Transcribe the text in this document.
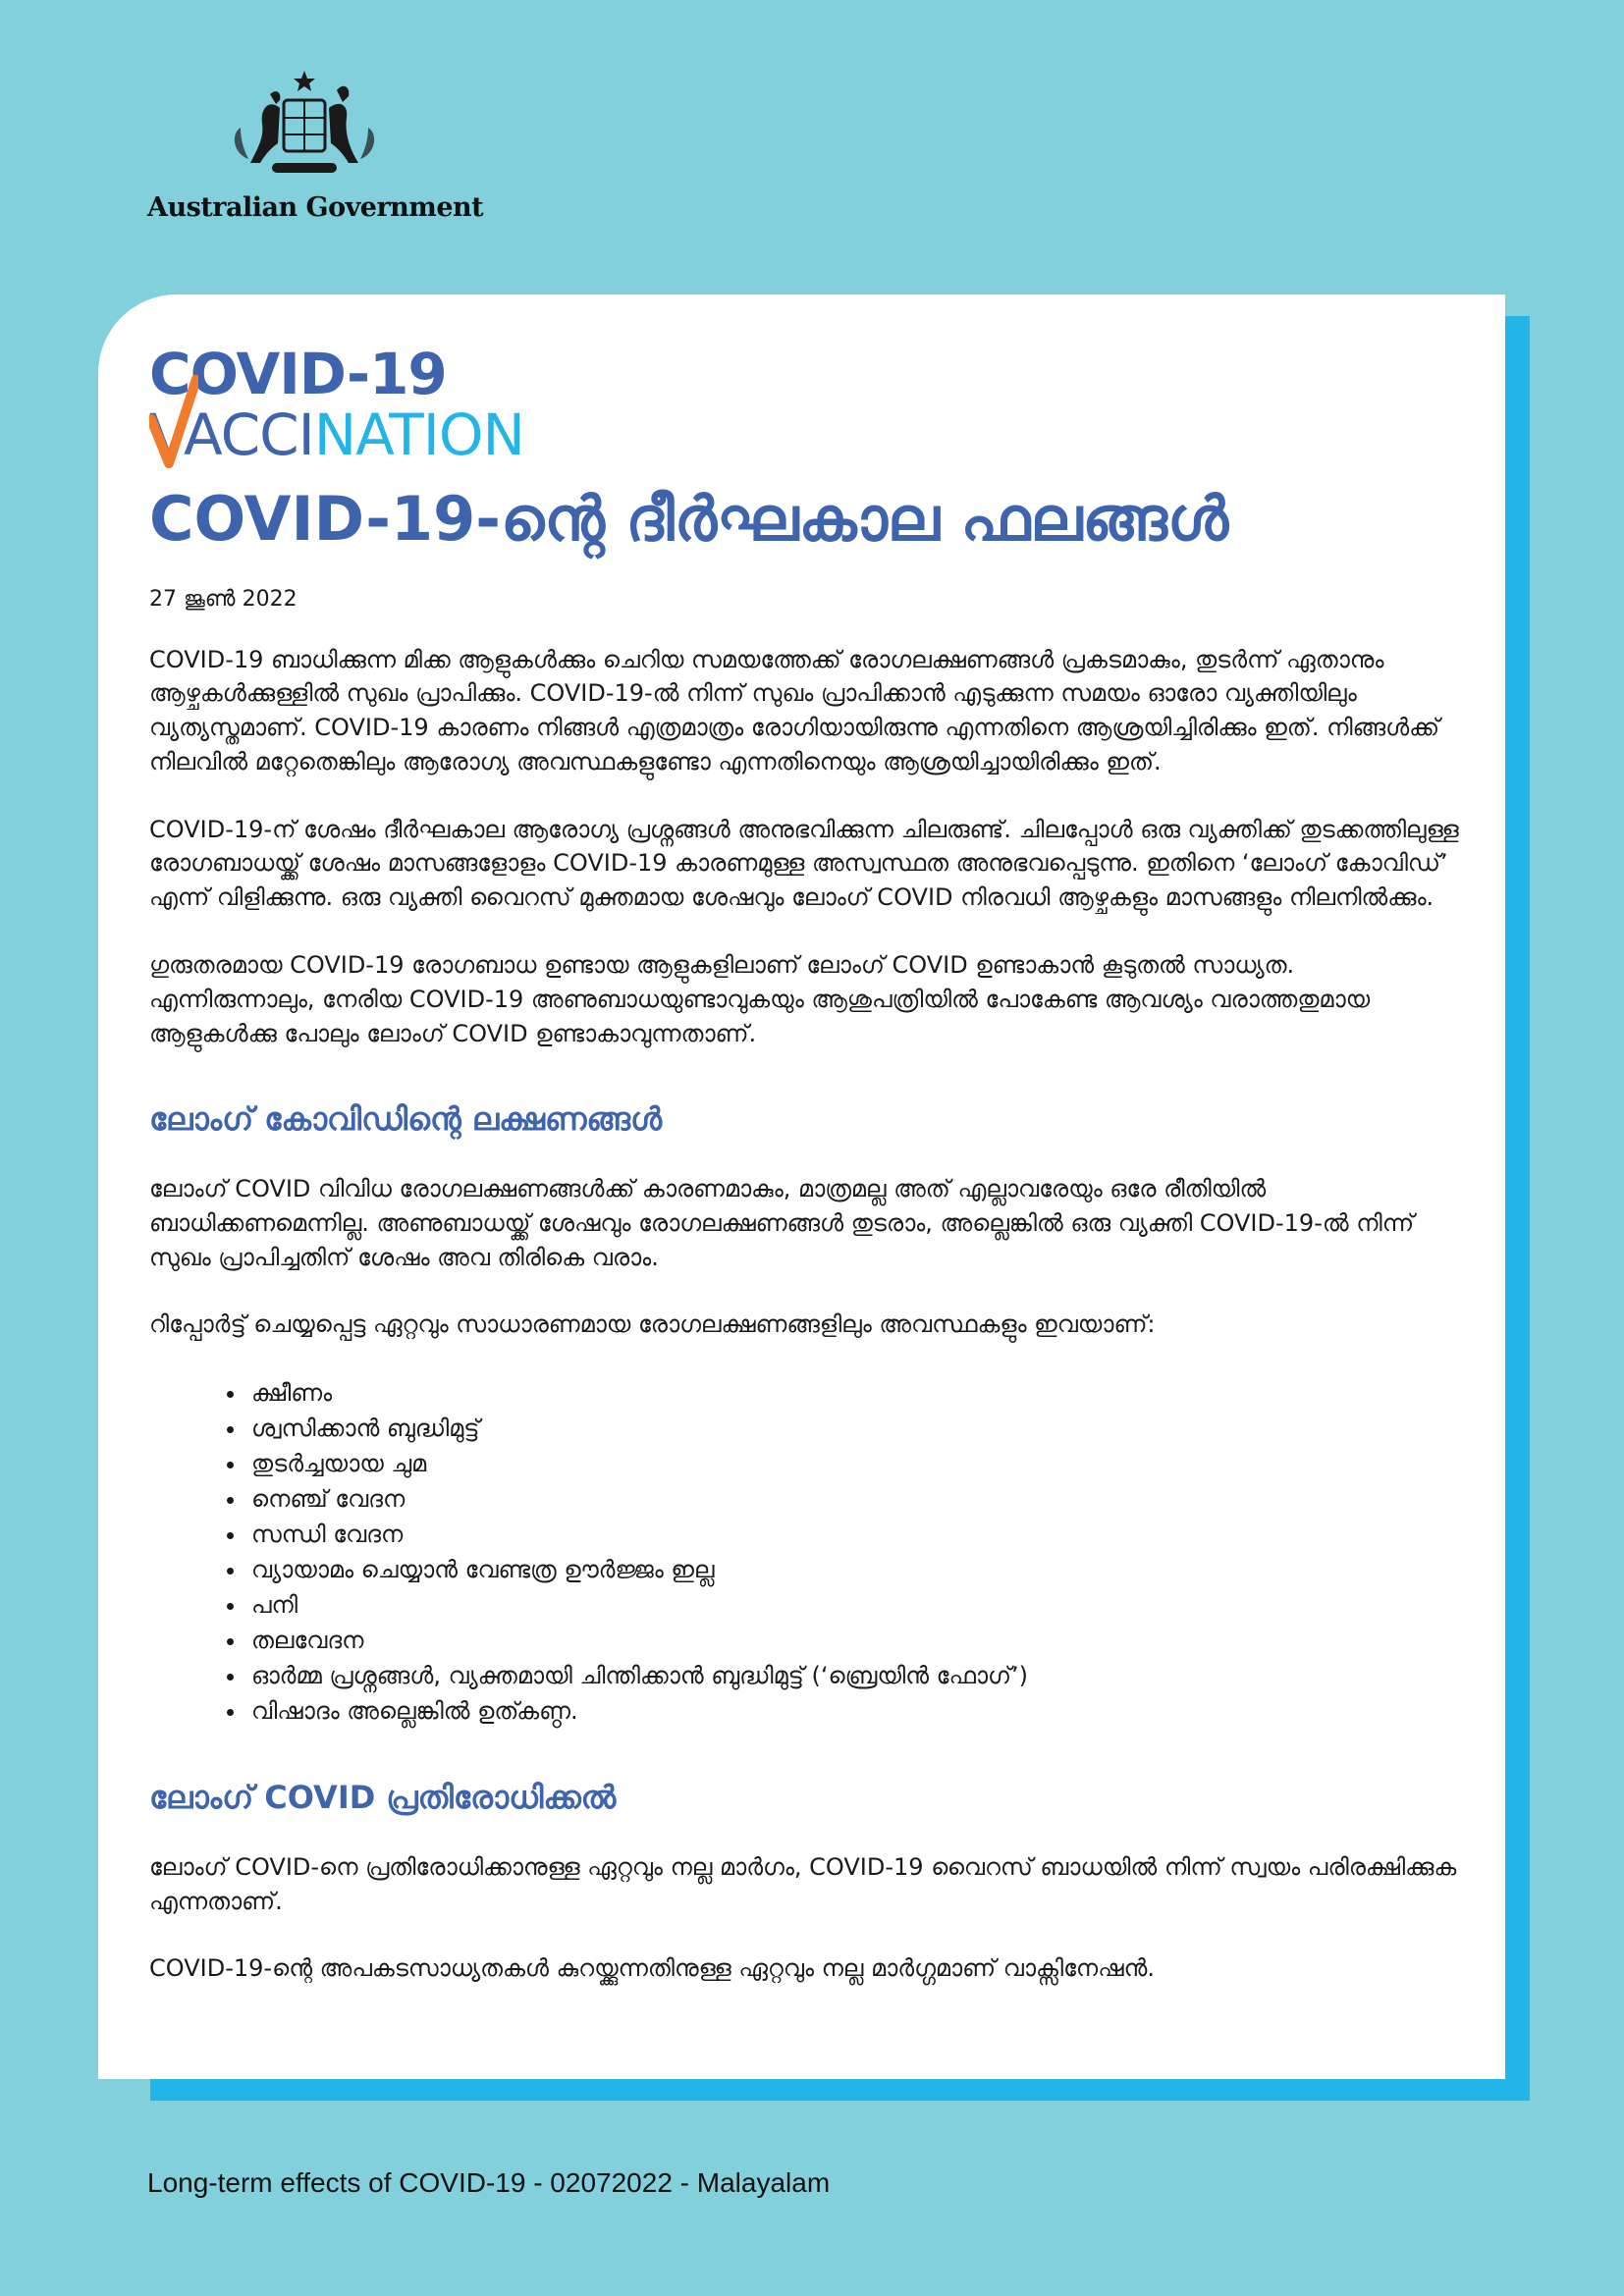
Australian Government
COVID-19
VACCINATION
COVID-19-ന്റെ ദീർഘകാല ഫലങ്ങൾ
27 ജൂൺ 2022

COVID-19 ബാധിക്കുന്ന മിക്ക ആളുകൾക്കും ചെറിയ സമയത്തേക്ക് രോഗലക്ഷണങ്ങൾ പ്രകടമാകും, തുടർന്ന് ഏതാനും ആഴ്ചകൾക്കുള്ളിൽ സുഖം പ്രാപിക്കും. COVID-19-ൽ നിന്ന് സുഖം പ്രാപിക്കാൻ എടുക്കുന്ന സമയം ഓരോ വ്യക്തിയിലും വ്യത്യസ്തമാണ്. COVID-19 കാരണം നിങ്ങൾ എത്രമാത്രം രോഗിയായിരുന്നു എന്നതിനെ ആശ്രയിച്ചിരിക്കും ഇത്. നിങ്ങൾക്ക് നിലവിൽ മറ്റേതെങ്കിലും ആരോഗ്യ അവസ്ഥകളുണ്ടോ എന്നതിനെയും ആശ്രയിച്ചായിരിക്കും ഇത്.

COVID-19-ന് ശേഷം ദീർഘകാല ആരോഗ്യ പ്രശ്നങ്ങൾ അനുഭവിക്കുന്ന ചിലരുണ്ട്. ചിലപ്പോൾ ഒരു വ്യക്തിക്ക് തുടക്കത്തിലുള്ള രോഗബാധയ്ക്ക് ശേഷം മാസങ്ങളോളം COVID-19 കാരണമുള്ള അസ്വസ്ഥത അനുഭവപ്പെടുന്നു. ഇതിനെ ‘ലോംഗ് കോവിഡ്’ എന്ന് വിളിക്കുന്നു. ഒരു വ്യക്തി വൈറസ് മുക്തമായ ശേഷവും ലോംഗ് COVID നിരവധി ആഴ്ചകളും മാസങ്ങളും നിലനിൽക്കും.

ഗുരുതരമായ COVID-19 രോഗബാധ ഉണ്ടായ ആളുകളിലാണ് ലോംഗ് COVID ഉണ്ടാകാൻ കൂടുതൽ സാധ്യത. എന്നിരുന്നാലും, നേരിയ COVID-19 അണുബാധയുണ്ടാവുകയും ആശുപത്രിയിൽ പോകേണ്ട ആവശ്യം വരാത്തതുമായ ആളുകൾക്കു പോലും ലോംഗ് COVID ഉണ്ടാകാവുന്നതാണ്.

ലോംഗ് കോവിഡിന്റെ ലക്ഷണങ്ങൾ

ലോംഗ് COVID വിവിധ രോഗലക്ഷണങ്ങൾക്ക് കാരണമാകും, മാത്രമല്ല അത് എല്ലാവരേയും ഒരേ രീതിയിൽ ബാധിക്കണമെന്നില്ല. അണുബാധയ്ക്ക് ശേഷവും രോഗലക്ഷണങ്ങൾ തുടരാം, അല്ലെങ്കിൽ ഒരു വ്യക്തി COVID-19-ൽ നിന്ന് സുഖം പ്രാപിച്ചതിന് ശേഷം അവ തിരികെ വരാം.

റിപ്പോർട്ട് ചെയ്യപ്പെട്ട ഏറ്റവും സാധാരണമായ രോഗലക്ഷണങ്ങളിലും അവസ്ഥകളും ഇവയാണ്:

• ക്ഷീണം
• ശ്വസിക്കാൻ ബുദ്ധിമുട്ട്
• തുടർച്ചയായ ചുമ
• നെഞ്ച് വേദന
• സന്ധി വേദന
• വ്യായാമം ചെയ്യാൻ വേണ്ടത്ര ഊർജ്ജം ഇല്ല
• പനി
• തലവേദന
• ഓർമ്മ പ്രശ്നങ്ങൾ, വ്യക്തമായി ചിന്തിക്കാൻ ബുദ്ധിമുട്ട് (‘ബ്രെയിൻ ഫോഗ്’)
• വിഷാദം അല്ലെങ്കിൽ ഉത്കണ്ഠ.
ലോംഗ് COVID പ്രതിരോധിക്കൽ

ലോംഗ് COVID-നെ പ്രതിരോധിക്കാനുള്ള ഏറ്റവും നല്ല മാർഗം, COVID-19 വൈറസ് ബാധയിൽ നിന്ന് സ്വയം പരിരക്ഷിക്കുക എന്നതാണ്.

COVID-19-ന്റെ അപകടസാധ്യതകൾ കുറയ്ക്കുന്നതിനുള്ള ഏറ്റവും നല്ല മാർഗ്ഗമാണ് വാക്സിനേഷൻ.

Long-term effects of COVID-19 - 02072022 - Malayalam
